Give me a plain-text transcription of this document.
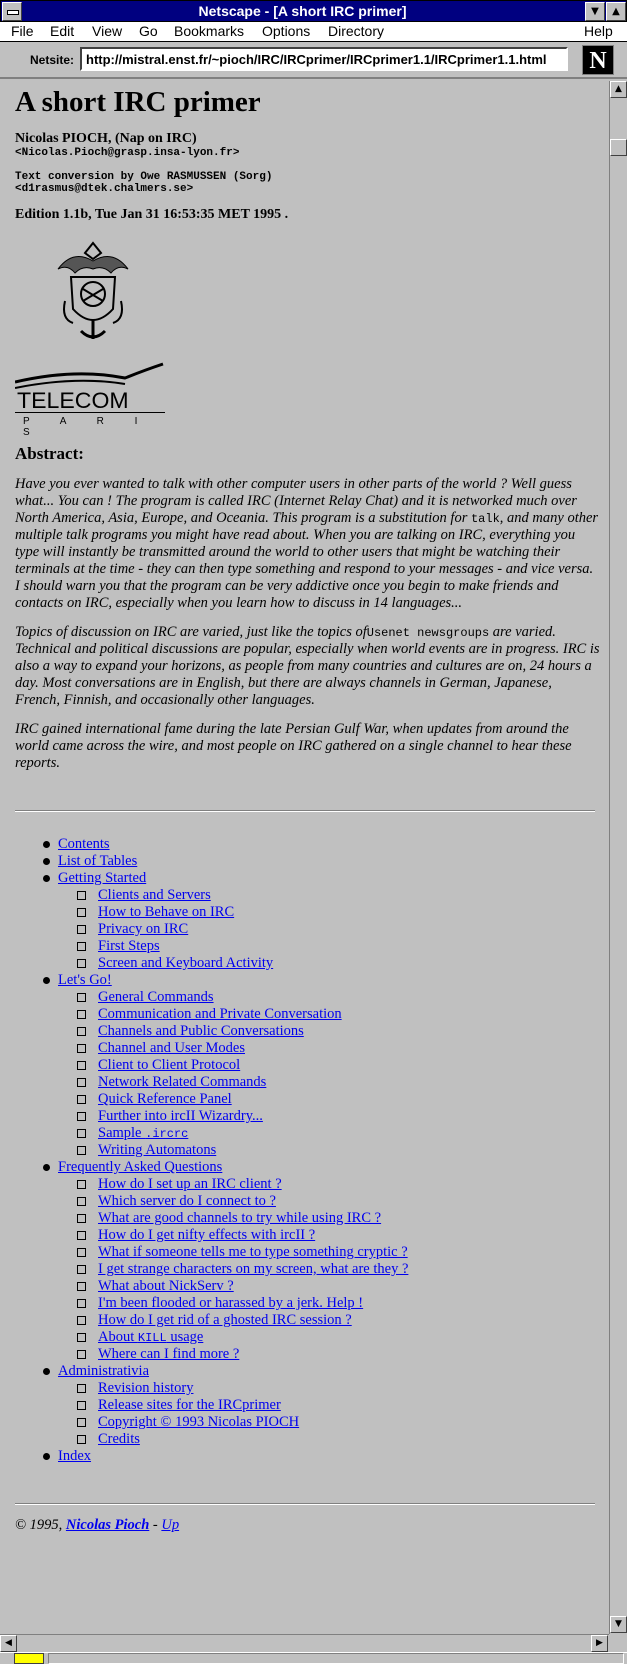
Netscape - [A short IRC primer]	▼	▲
File Edit View Go Bookmarks Options Directory	Help
Netsite: http://mistral.enst.fr/~pioch/IRC/IRCprimer/IRCprimer1.1/IRCprimer1.1.html	N
A short IRC primer
Nicolas PIOCH, (Nap on IRC)
<Nicolas.Pioch@grasp.insa-lyon.fr>
Text conversion by Owe RASMUSSEN (Sorg)
<d1rasmus@dtek.chalmers.se>
Edition 1.1b, Tue Jan 31 16:53:35 MET 1995 .
TELECOM
P A R I S
Abstract:

Have you ever wanted to talk with other computer users in other parts of the world ? Well guess what... You can ! The program is called IRC (Internet Relay Chat) and it is networked much over North America, Asia, Europe, and Oceania. This program is a substitution for talk, and many other multiple talk programs you might have read about. When you are talking on IRC, everything you type will instantly be transmitted around the world to other users that might be watching their terminals at the time - they can then type something and respond to your messages - and vice versa. I should warn you that the program can be very addictive once you begin to make friends and contacts on IRC, especially when you learn how to discuss in 14 languages...

Topics of discussion on IRC are varied, just like the topics ofUsenet newsgroups are varied. Technical and political discussions are popular, especially when world events are in progress. IRC is also a way to expand your horizons, as people from many countries and cultures are on, 24 hours a day. Most conversations are in English, but there are always channels in German, Japanese, French, Finnish, and occasionally other languages.

IRC gained international fame during the late Persian Gulf War, when updates from around the world came across the wire, and most people on IRC gathered on a single channel to hear these reports.

Contents
List of Tables
Getting Started
Clients and Servers
How to Behave on IRC
Privacy on IRC
First Steps
Screen and Keyboard Activity
Let's Go!
General Commands
Communication and Private Conversation
Channels and Public Conversations
Channel and User Modes
Client to Client Protocol
Network Related Commands
Quick Reference Panel
Further into ircII Wizardry...
Sample .ircrc
Writing Automatons
Frequently Asked Questions
How do I set up an IRC client ?
Which server do I connect to ?
What are good channels to try while using IRC ?
How do I get nifty effects with ircII ?
What if someone tells me to type something cryptic ?
I get strange characters on my screen, what are they ?
What about NickServ ?
I'm been flooded or harassed by a jerk. Help !
How do I get rid of a ghosted IRC session ?
About KILL usage
Where can I find more ?
Administrativia
Revision history
Release sites for the IRCprimer
Copyright © 1993 Nicolas PIOCH
Credits
Index
© 1995, Nicolas Pioch - Up
▲
▼
◀	▶
